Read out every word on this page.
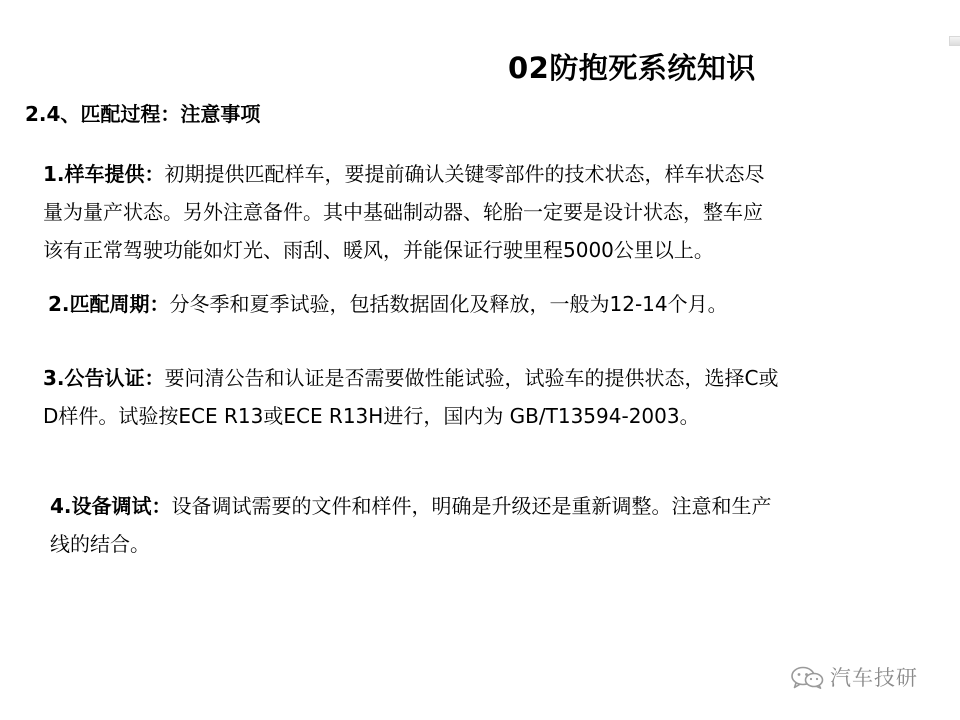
02防抱死系统知识
2.4、匹配过程：注意事项
1.样车提供：初期提供匹配样车，要提前确认关键零部件的技术状态，样车状态尽
量为量产状态。另外注意备件。其中基础制动器、轮胎一定要是设计状态，整车应
该有正常驾驶功能如灯光、雨刮、暖风，并能保证行驶里程5000公里以上。
2.匹配周期：分冬季和夏季试验，包括数据固化及释放，一般为12-14个月。
3.公告认证：要问清公告和认证是否需要做性能试验，试验车的提供状态，选择C或
D样件。试验按ECE R13或ECE R13H进行，国内为 GB/T13594-2003。
4.设备调试：设备调试需要的文件和样件，明确是升级还是重新调整。注意和生产
线的结合。
汽车技研
